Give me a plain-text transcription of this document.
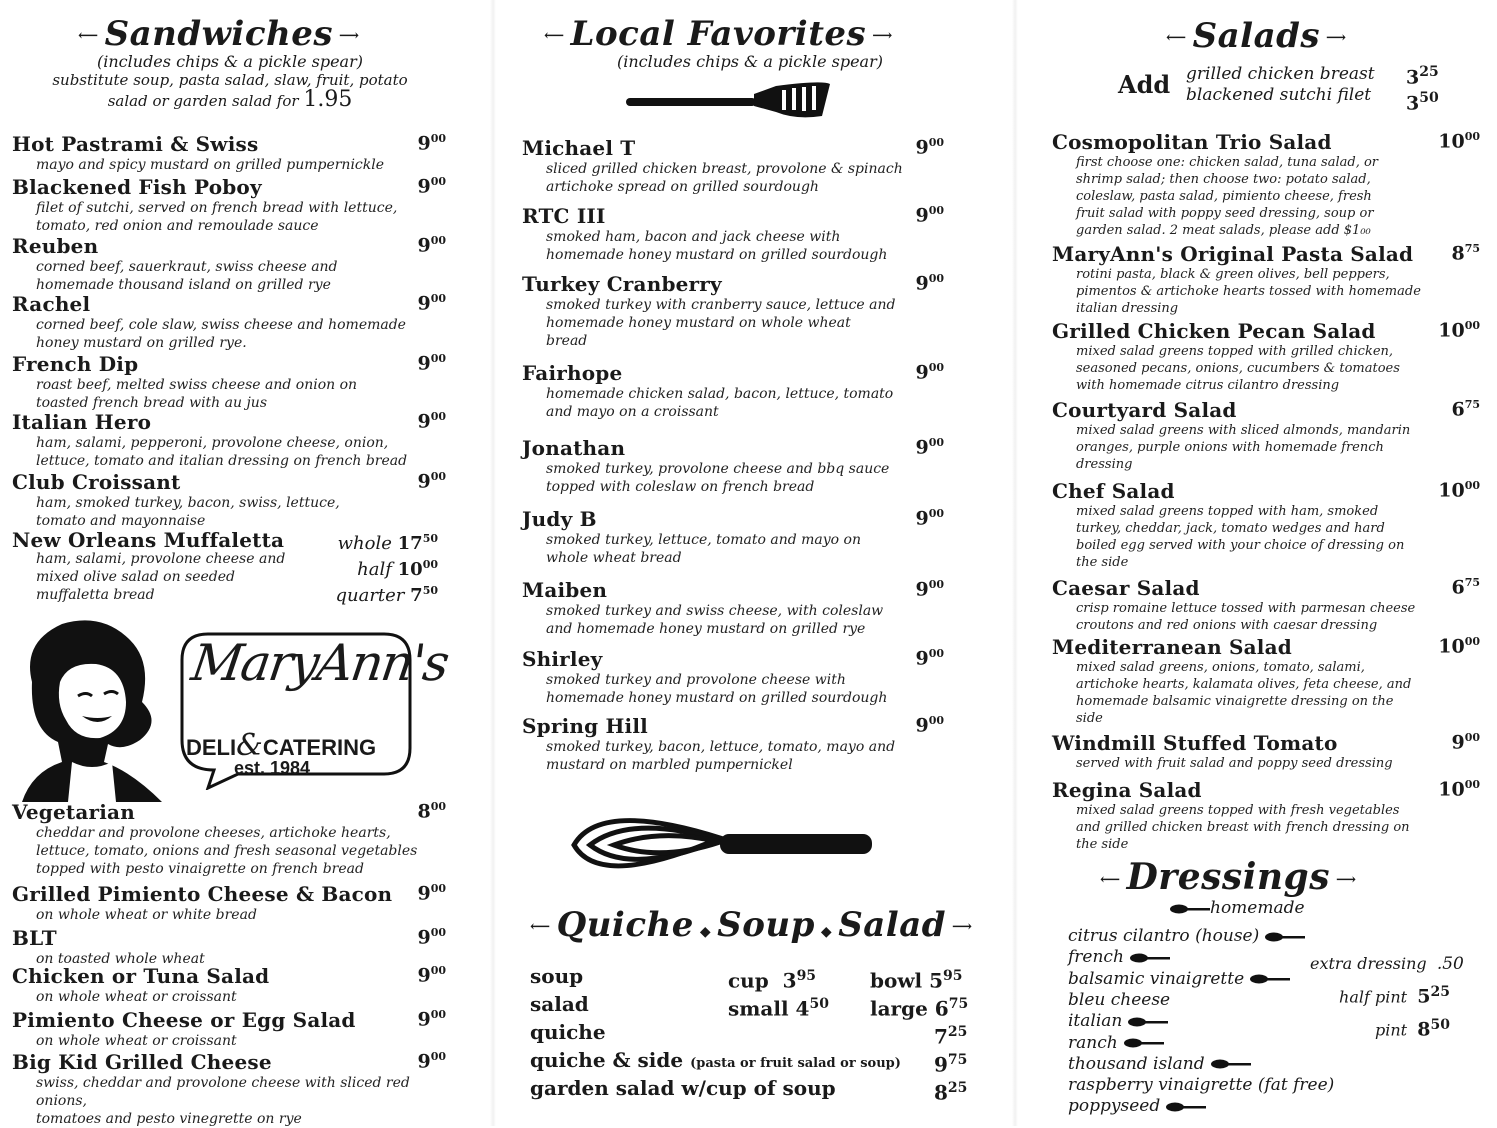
⟵ Sandwiches ⟶
(includes chips & a pickle spear)
substitute soup, pasta salad, slaw, fruit, potato
salad or garden salad for 1.95
Hot Pastrami & Swiss
mayo and spicy mustard on grilled pumpernickle
$9^{00}$
Blackened Fish Poboy
filet of sutchi, served on french bread with lettuce,
tomato, red onion and remoulade sauce
$9^{00}$
Reuben
corned beef, sauerkraut, swiss cheese and
homemade thousand island on grilled rye
$9^{00}$
Rachel
corned beef, cole slaw, swiss cheese and homemade
honey mustard on grilled rye.
$9^{00}$
French Dip
roast beef, melted swiss cheese and onion on
toasted french bread with au jus
$9^{00}$
Italian Hero
ham, salami, pepperoni, provolone cheese, onion,
lettuce, tomato and italian dressing on french bread
$9^{00}$
Club Croissant
ham, smoked turkey, bacon, swiss, lettuce,
tomato and mayonnaise
$9^{00}$
New Orleans Muffaletta
ham, salami, provolone cheese and
mixed olive salad on seeded
muffaletta bread
whole $17^{50}$
half $10^{00}$
quarter $7^{50}$
MaryAnn's
DELI&CATERING
est. 1984
Vegetarian
cheddar and provolone cheeses, artichoke hearts,
lettuce, tomato, onions and fresh seasonal vegetables
topped with pesto vinaigrette on french bread
$8^{00}$
Grilled Pimiento Cheese & Bacon
on whole wheat or white bread
$9^{00}$
BLT
on toasted whole wheat
$9^{00}$
Chicken or Tuna Salad
on whole wheat or croissant
$9^{00}$
Pimiento Cheese or Egg Salad
on whole wheat or croissant
$9^{00}$
Big Kid Grilled Cheese
swiss, cheddar and provolone cheese with sliced red onions,
tomatoes and pesto vinegrette on rye
$9^{00}$
⟵ Local Favorites ⟶
(includes chips & a pickle spear)
Michael T
sliced grilled chicken breast, provolone & spinach
artichoke spread on grilled sourdough
$9^{00}$
RTC III
smoked ham, bacon and jack cheese with
homemade honey mustard on grilled sourdough
$9^{00}$
Turkey Cranberry
smoked turkey with cranberry sauce, lettuce and
homemade honey mustard on whole wheat
bread
$9^{00}$
Fairhope
homemade chicken salad, bacon, lettuce, tomato
and mayo on a croissant
$9^{00}$
Jonathan
smoked turkey, provolone cheese and bbq sauce
topped with coleslaw on french bread
$9^{00}$
Judy B
smoked turkey, lettuce, tomato and mayo on
whole wheat bread
$9^{00}$
Maiben
smoked turkey and swiss cheese, with coleslaw
and homemade honey mustard on grilled rye
$9^{00}$
Shirley
smoked turkey and provolone cheese with
homemade honey mustard on grilled sourdough
$9^{00}$
Spring Hill
smoked turkey, bacon, lettuce, tomato, mayo and
mustard on marbled pumpernickel
$9^{00}$
⟵ Quiche ◆ Soup ◆ Salad ⟶
soup
salad
quiche
quiche & side (pasta or fruit salad or soup)
garden salad w/cup of soup
cup $3^{95}$
small $4^{50}$
bowl $5^{95}$
large $6^{75}$
$7^{25}$
$9^{75}$
$8^{25}$
⟵ Salads ⟶
Add grilled chicken breast
blackened sutchi filet
$3^{25}$
$3^{50}$
Cosmopolitan Trio Salad
first choose one: chicken salad, tuna salad, or
shrimp salad; then choose two: potato salad,
coleslaw, pasta salad, pimiento cheese, fresh
fruit salad with poppy seed dressing, soup or
garden salad. 2 meat salads, please add $1₀₀
$10^{00}$
MaryAnn's Original Pasta Salad
rotini pasta, black & green olives, bell peppers,
pimentos & artichoke hearts tossed with homemade
italian dressing
$8^{75}$
Grilled Chicken Pecan Salad
mixed salad greens topped with grilled chicken,
seasoned pecans, onions, cucumbers & tomatoes
with homemade citrus cilantro dressing
$10^{00}$
Courtyard Salad
mixed salad greens with sliced almonds, mandarin
oranges, purple onions with homemade french
dressing
$6^{75}$
Chef Salad
mixed salad greens topped with ham, smoked
turkey, cheddar, jack, tomato wedges and hard
boiled egg served with your choice of dressing on
the side
$10^{00}$
Caesar Salad
crisp romaine lettuce tossed with parmesan cheese
croutons and red onions with caesar dressing
$6^{75}$
Mediterranean Salad
mixed salad greens, onions, tomato, salami,
artichoke hearts, kalamata olives, feta cheese, and
homemade balsamic vinaigrette dressing on the
side
$10^{00}$
Windmill Stuffed Tomato
served with fruit salad and poppy seed dressing
$9^{00}$
Regina Salad
mixed salad greens topped with fresh vegetables
and grilled chicken breast with french dressing on
the side
$10^{00}$
⟵ Dressings ⟶
homemade
citrus cilantro (house)
french
balsamic vinaigrette
bleu cheese
italian
ranch
thousand island
raspberry vinaigrette (fat free)
poppyseed
extra dressing .50
half pint $5^{25}$
pint $8^{50}$
